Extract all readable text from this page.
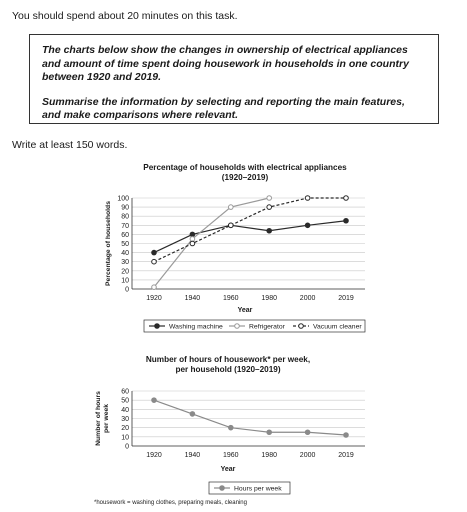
You should spend about 20 minutes on this task.

The charts below show the changes in ownership of electrical appliances and amount of time spent doing housework in households in one country between 1920 and 2019.

Summarise the information by selecting and reporting the main features, and make comparisons where relevant.

Write at least 150 words.
Percentage of households with electrical appliances
(1920–2019)
0
10
20
30
40
50
60
70
80
90
100
1920	1940	1960	1980	2000	2019
Year
Percentage of households
Washing machine	Refrigerator	Vacuum cleaner
Number of hours of housework* per week,
per household (1920–2019)
0
10
20
30
40
50
60
1920	1940	1960	1980	2000	2019
Year
Number of hoursper week
Hours per week
*housework = washing clothes, preparing meals, cleaning
